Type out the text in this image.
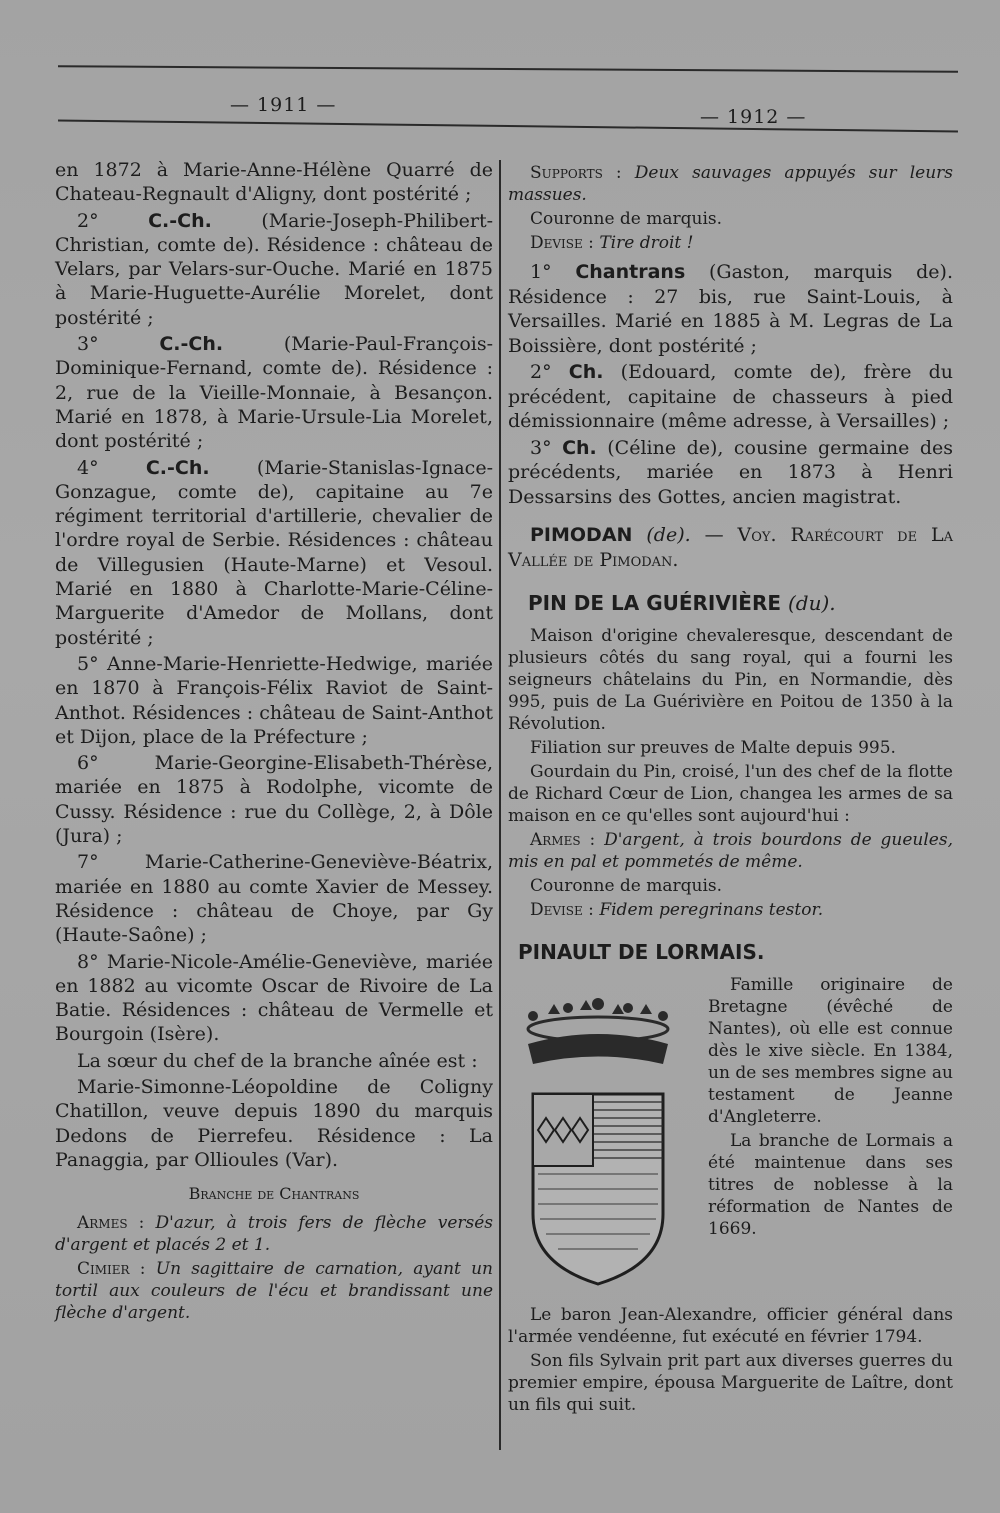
— 1911 —
— 1912 —

en 1872 à Marie-Anne-Hélène Quarré de Chateau-Regnault d'Aligny, dont postérité ;

2°	C.-Ch.	(Marie-Joseph-Philibert-Christian, comte de). Résidence : château de Velars, par Velars-sur-Ouche. Marié en 1875 à Marie-Huguette-Aurélie Morelet, dont postérité ;

3°	C.-Ch.	(Marie-Paul-François-Dominique-Fernand, comte de). Résidence : 2, rue de la Vieille-Monnaie, à Besançon. Marié en 1878, à Marie-Ursule-Lia Morelet, dont postérité ;

4° C.-Ch. (Marie-Stanislas-Ignace-Gonzague, comte de), capitaine au 7e régiment territorial d'artillerie, chevalier de l'ordre royal de Serbie. Résidences : château de Villegusien (Haute-Marne) et Vesoul. Marié en 1880 à Charlotte-Marie-Céline-Marguerite d'Amedor de Mollans, dont postérité ;

5° Anne-Marie-Henriette-Hedwige, mariée en 1870 à François-Félix Raviot de Saint-Anthot. Résidences : château de Saint-Anthot et Dijon, place de la Préfecture ;

6° Marie-Georgine-Elisabeth-Thérèse, mariée en 1875 à Rodolphe, vicomte de Cussy. Résidence : rue du Collège, 2, à Dôle (Jura) ;

7° Marie-Catherine-Geneviève-Béatrix, mariée en 1880 au comte Xavier de Messey. Résidence : château de Choye, par Gy (Haute-Saône) ;

8° Marie-Nicole-Amélie-Geneviève, mariée en 1882 au vicomte Oscar de Rivoire de La Batie. Résidences : château de Vermelle et Bourgoin (Isère).

La sœur du chef de la branche aînée est :

Marie-Simonne-Léopoldine de Coligny Chatillon, veuve depuis 1890 du marquis Dedons de Pierrefeu. Résidence : La Panaggia, par Ollioules (Var).

Branche de Chantrans

Armes : D'azur, à trois fers de flèche versés d'argent et placés 2 et 1.

Cimier : Un sagittaire de carnation, ayant un tortil aux couleurs de l'écu et brandissant une flèche d'argent.

Supports : Deux sauvages appuyés sur leurs massues.

Couronne de marquis.

Devise : Tire droit !

1° Chantrans (Gaston, marquis de). Résidence : 27 bis, rue Saint-Louis, à Versailles. Marié en 1885 à M. Legras de La Boissière, dont postérité ;

2° Ch. (Edouard, comte de), frère du précédent, capitaine de chasseurs à pied démissionnaire (même adresse, à Versailles) ;

3° Ch. (Céline de), cousine germaine des précédents, mariée en 1873 à Henri Dessarsins des Gottes, ancien magistrat.

PIMODAN (de). — Voy. Rarécourt de La Vallée de Pimodan.

PIN DE LA GUÉRIVIÈRE (du).

Maison d'origine chevaleresque, descendant de plusieurs côtés du sang royal, qui a fourni les seigneurs châtelains du Pin, en Normandie, dès 995, puis de La Guérivière en Poitou de 1350 à la Révolution.

Filiation sur preuves de Malte depuis 995.

Gourdain du Pin, croisé, l'un des chef de la flotte de Richard Cœur de Lion, changea les armes de sa maison en ce qu'elles sont aujourd'hui :

Armes : D'argent, à trois bourdons de gueules, mis en pal et pommetés de même.

Couronne de marquis.

Devise : Fidem peregrinans testor.

PINAULT DE LORMAIS.

Famille originaire de Bretagne (évêché de Nantes), où elle est connue dès le xive siècle. En 1384, un de ses membres signe au testament de Jeanne d'Angleterre.

La branche de Lormais a été maintenue dans ses titres de noblesse à la réformation de Nantes de 1669.

Le baron Jean-Alexandre, officier général dans l'armée vendéenne, fut exécuté en février 1794.

Son fils Sylvain prit part aux diverses guerres du premier empire, épousa Marguerite de Laître, dont un fils qui suit.
